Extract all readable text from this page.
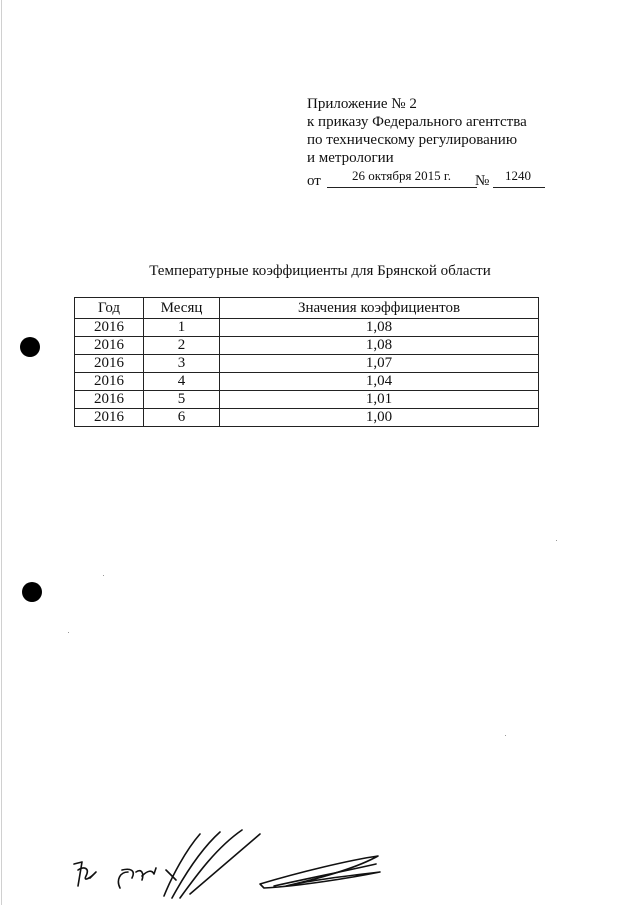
Приложение № 2
к приказу Федерального агентства
по техническому регулированию
и метрологии
от	26 октября 2015 г.	№	1240
Температурные коэффициенты для Брянской области
Год	Месяц	Значения коэффициентов
2016	1	1,08
2016	2	1,08
2016	3	1,07
2016	4	1,04
2016	5	1,01
2016	6	1,00
